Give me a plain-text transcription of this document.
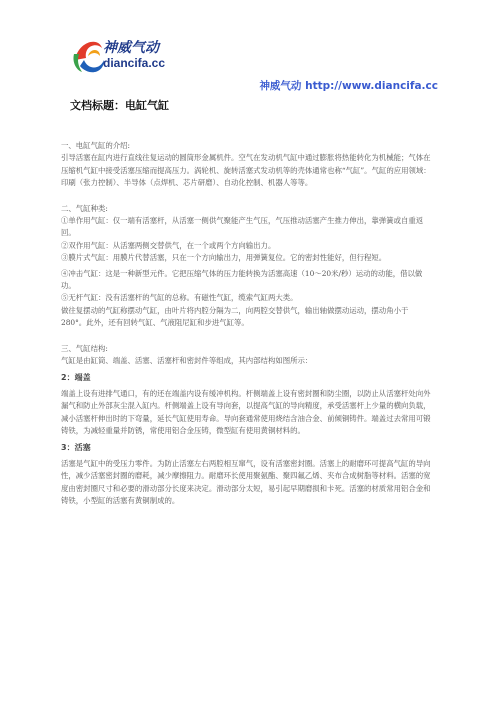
神威气动
diancifa.cc
神威气动 http://www.diancifa.cc
文档标题：电缸气缸

一、电缸气缸的介绍:

引导活塞在缸内进行直线往复运动的圆筒形金属机件。空气在发动机气缸中通过膨胀将热能转化为机械能；气体在压缩机气缸中接受活塞压缩而提高压力。涡轮机、旋转活塞式发动机等的壳体通常也称“气缸”。气缸的应用领域：印刷（张力控制）、半导体（点焊机、芯片研磨）、自动化控制、机器人等等。

二、气缸种类:

①单作用气缸：仅一端有活塞杆，从活塞一侧供气聚能产生气压，气压推动活塞产生推力伸出，靠弹簧或自重返回。

②双作用气缸：从活塞两侧交替供气，在一个或两个方向输出力。

③膜片式气缸：用膜片代替活塞，只在一个方向输出力，用弹簧复位。它的密封性能好，但行程短。

④冲击气缸：这是一种新型元件。它把压缩气体的压力能转换为活塞高速（10～20米/秒）运动的动能，借以做功。

⑤无杆气缸：没有活塞杆的气缸的总称。有磁性气缸，缆索气缸两大类。

做往复摆动的气缸称摆动气缸，由叶片将内腔分隔为二，向两腔交替供气，输出轴做摆动运动，摆动角小于280°。此外，还有回转气缸、气液阻尼缸和步进气缸等。

三、气缸结构:

气缸是由缸筒、端盖、活塞、活塞杆和密封件等组成，其内部结构如图所示：

2：端盖

端盖上设有进排气通口，有的还在端盖内设有缓冲机构。杆侧端盖上设有密封圈和防尘圈，以防止从活塞杆处向外漏气和防止外部灰尘混入缸内。杆侧端盖上设有导向套，以提高气缸的导向精度，承受活塞杆上少量的横向负载，减小活塞杆伸出时的下弯量，延长气缸使用寿命。导向套通常使用烧结含油合金、前倾铜铸件。端盖过去常用可锻铸铁，为减轻重量并防锈，常使用铝合金压铸，微型缸有使用黄铜材料的。

3：活塞

活塞是气缸中的受压力零件。为防止活塞左右两腔相互窜气，设有活塞密封圈。活塞上的耐磨环可提高气缸的导向性，减少活塞密封圈的磨耗，减少摩擦阻力。耐磨环长使用聚氨酯、聚四氟乙烯、夹布合成树脂等材料。活塞的宽度由密封圈尺寸和必要的滑动部分长度来决定。滑动部分太短，易引起早期磨损和卡死。活塞的材质常用铝合金和铸铁，小型缸的活塞有黄铜制成的。
